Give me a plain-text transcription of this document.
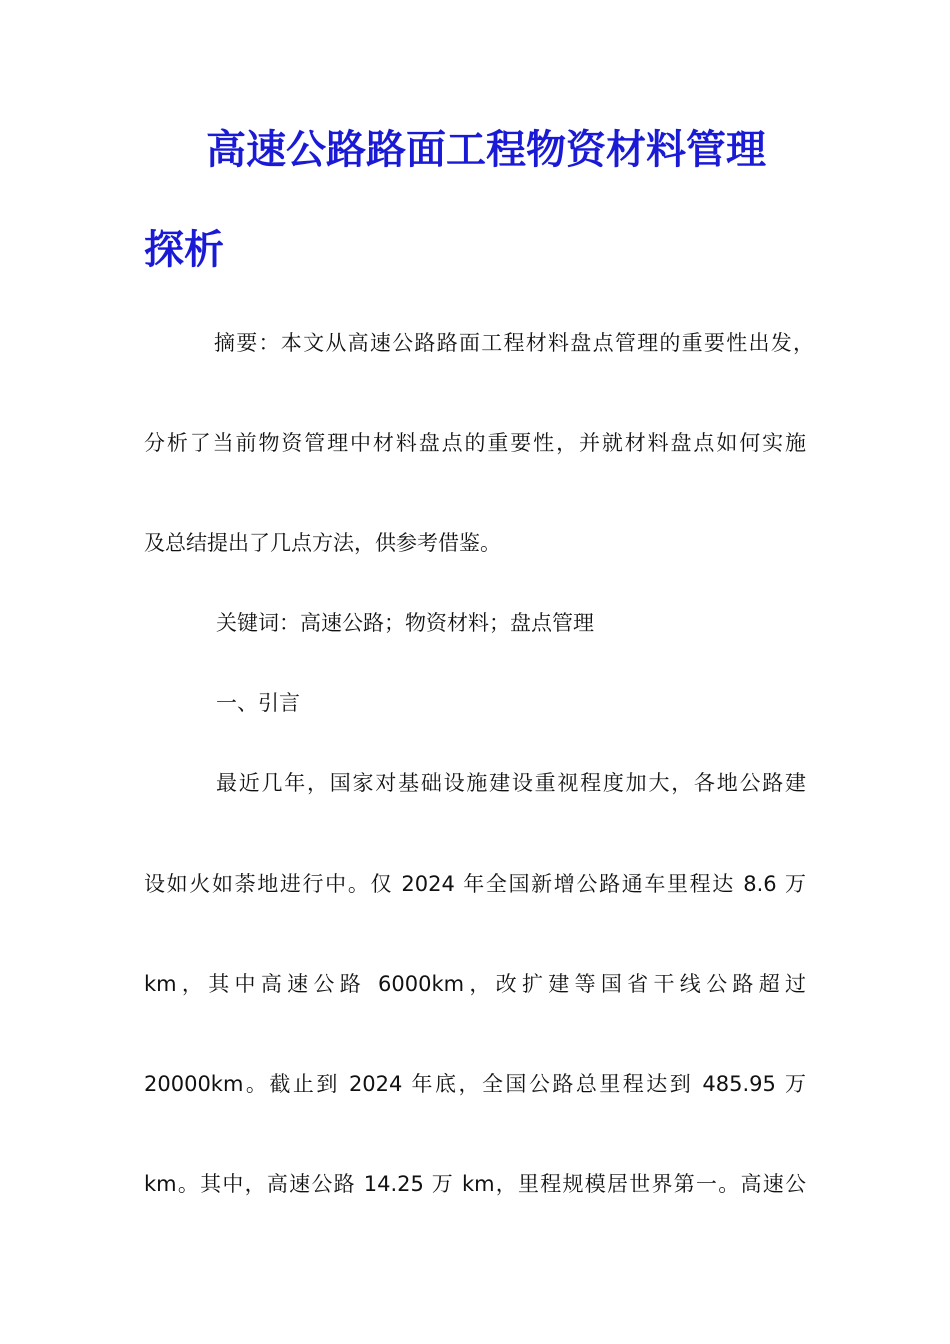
高速公路路面工程物资材料管理
探析
摘要：本文从高速公路路面工程材料盘点管理的重要性出发，
分析了当前物资管理中材料盘点的重要性，并就材料盘点如何实施
及总结提出了几点方法，供参考借鉴。
关键词：高速公路；物资材料；盘点管理
一、引言
最近几年，国家对基础设施建设重视程度加大，各地公路建
设如火如荼地进行中。仅 2024 年全国新增公路通车里程达 8.6 万
km，其中高速公路 6000km，改扩建等国省干线公路超过
20000km。截止到 2024 年底，全国公路总里程达到 485.95 万
km。其中，高速公路 14.25 万 km，里程规模居世界第一。高速公
